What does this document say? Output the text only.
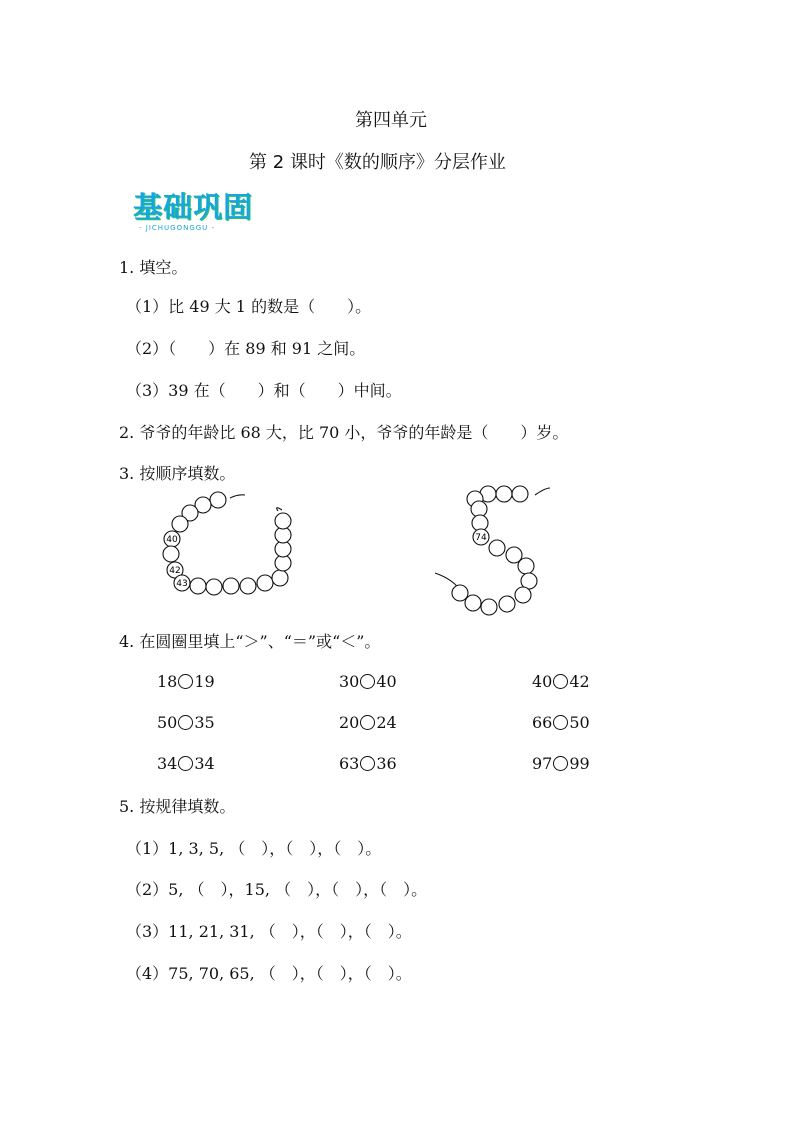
第四单元
第 2 课时《数的顺序》分层作业
基础巩固
- JICHUGONGGU -
1. 填空。
（1）比 49 大 1 的数是（　　）。
（2）（　　）在 89 和 91 之间。
（3）39 在（　　）和（　　）中间。
2. 爷爷的年龄比 68 大，比 70 小，爷爷的年龄是（　　）岁。
3. 按顺序填数。
40
42
43
74
4. 在圆圈里填上“＞”、“＝”或“＜”。
18 19	30 40	40 42
50 35	20 24	66 50
34 34	63 36	97 99
5. 按规律填数。
（1）1, 3, 5, （　），（　），（　）。
（2）5, （　），15, （　），（　），（　）。
（3）11, 21, 31, （　），（　），（　）。
（4）75, 70, 65, （　），（　），（　）。
